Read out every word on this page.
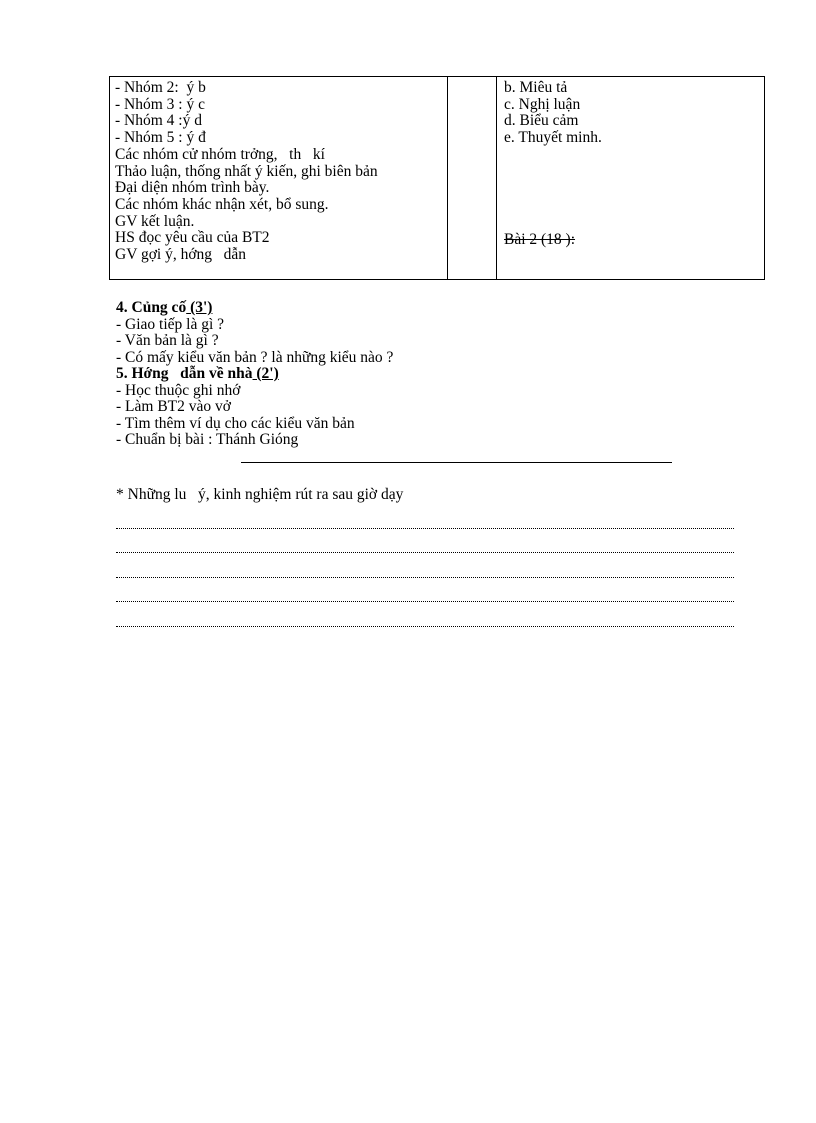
- Nhóm 2:  ý b
- Nhóm 3 : ý c
- Nhóm 4 :ý d
- Nhóm 5 : ý đ
Các nhóm cử nhóm trởng,   th   kí
Thảo luận, thống nhất ý kiến, ghi biên bản
Đại diện nhóm trình bày.
Các nhóm khác nhận xét, bổ sung.
GV kết luận.
HS đọc yêu cầu của BT2
GV gợi ý, hớng   dẫn
b. Miêu tả
c. Nghị luận
d. Biểu cảm
e. Thuyết minh.
Bài 2 (18 ):
4. Củng cố (3')
- Giao tiếp là gì ?
- Văn bản là gì ?
- Có mấy kiểu văn bản ? là những kiểu nào ?
5. Hớng   dẫn về nhà (2')
- Học thuộc ghi nhớ
- Làm BT2 vào vở
- Tìm thêm ví dụ cho các kiểu văn bản
- Chuẩn bị bài : Thánh Gióng
* Những lu   ý, kinh nghiệm rút ra sau giờ dạy
